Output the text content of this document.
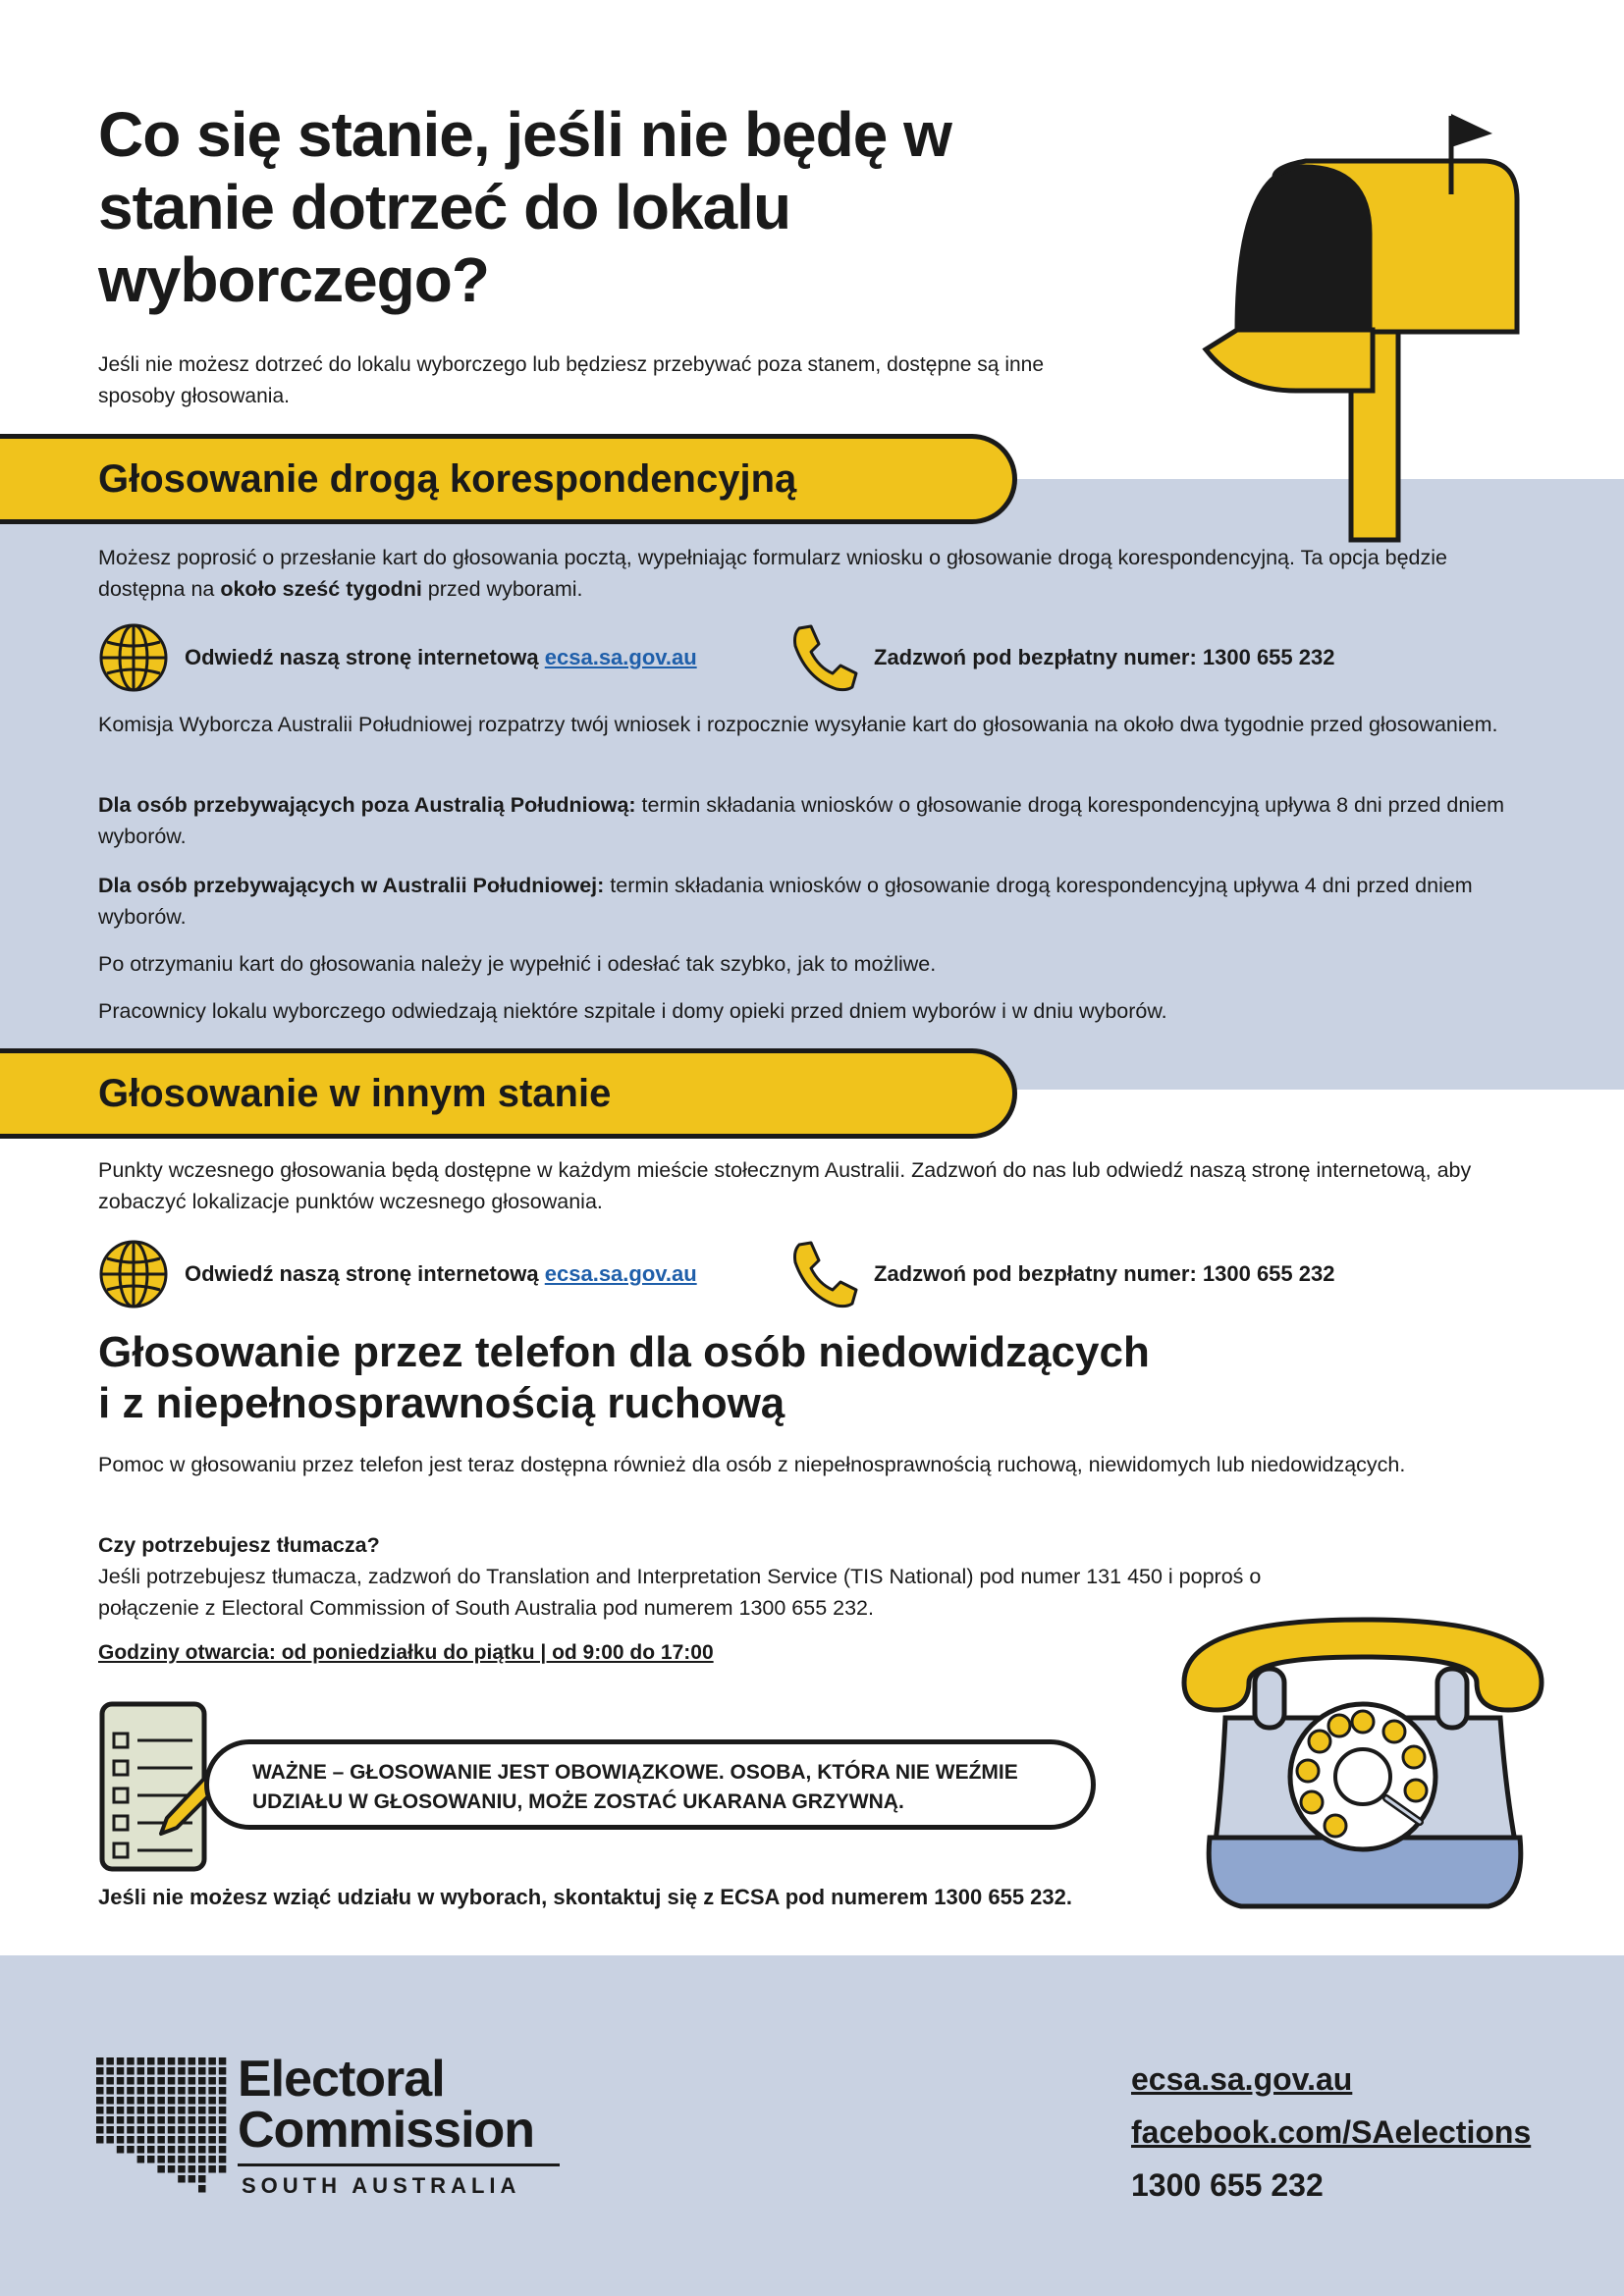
Co się stanie, jeśli nie będę w stanie dotrzeć do lokalu wyborczego?
Jeśli nie możesz dotrzeć do lokalu wyborczego lub będziesz przebywać poza stanem, dostępne są inne sposoby głosowania.
Głosowanie drogą korespondencyjną
Możesz poprosić o przesłanie kart do głosowania pocztą, wypełniając formularz wniosku o głosowanie drogą korespondencyjną. Ta opcja będzie dostępna na około sześć tygodni przed wyborami.
Odwiedź naszą stronę internetową
ecsa.sa.gov.au	Zadzwoń pod bezpłatny numer: 1300 655 232
Komisja Wyborcza Australii Południowej rozpatrzy twój wniosek i rozpocznie wysyłanie kart do głosowania na około dwa tygodnie przed głosowaniem.
Dla osób przebywających poza Australią Południową: termin składania wniosków o głosowanie drogą korespondencyjną upływa 8 dni przed dniem wyborów.
Dla osób przebywających w Australii Południowej: termin składania wniosków o głosowanie drogą korespondencyjną upływa 4 dni przed dniem wyborów.
Po otrzymaniu kart do głosowania należy je wypełnić i odesłać tak szybko, jak to możliwe.
Pracownicy lokalu wyborczego odwiedzają niektóre szpitale i domy opieki przed dniem wyborów i w dniu wyborów.
Głosowanie w innym stanie
Punkty wczesnego głosowania będą dostępne w każdym mieście stołecznym Australii. Zadzwoń do nas lub odwiedź naszą stronę internetową, aby zobaczyć lokalizacje punktów wczesnego głosowania.
Odwiedź naszą stronę internetową
ecsa.sa.gov.au	Zadzwoń pod bezpłatny numer: 1300 655 232
Głosowanie przez telefon dla osób niedowidzących
i z niepełnosprawnością ruchową
Pomoc w głosowaniu przez telefon jest teraz dostępna również dla osób z niepełnosprawnością ruchową, niewidomych lub niedowidzących.
Czy potrzebujesz tłumacza?
Jeśli potrzebujesz tłumacza, zadzwoń do Translation and Interpretation Service (TIS National) pod numer 131 450 i poproś o połączenie z Electoral Commission of South Australia pod numerem 1300 655 232.
Godziny otwarcia: od poniedziałku do piątku | od 9:00 do 17:00
WAŻNE – GŁOSOWANIE JEST OBOWIĄZKOWE. OSOBA, KTÓRA NIE WEŹMIE UDZIAŁU W GŁOSOWANIU, MOŻE ZOSTAĆ UKARANA GRZYWNĄ.
Jeśli nie możesz wziąć udziału w wyborach, skontaktuj się z ECSA pod numerem 1300 655 232.
Electoral
Commission
SOUTH AUSTRALIA
ecsa.sa.gov.au
facebook.com/SAelections
1300 655 232
